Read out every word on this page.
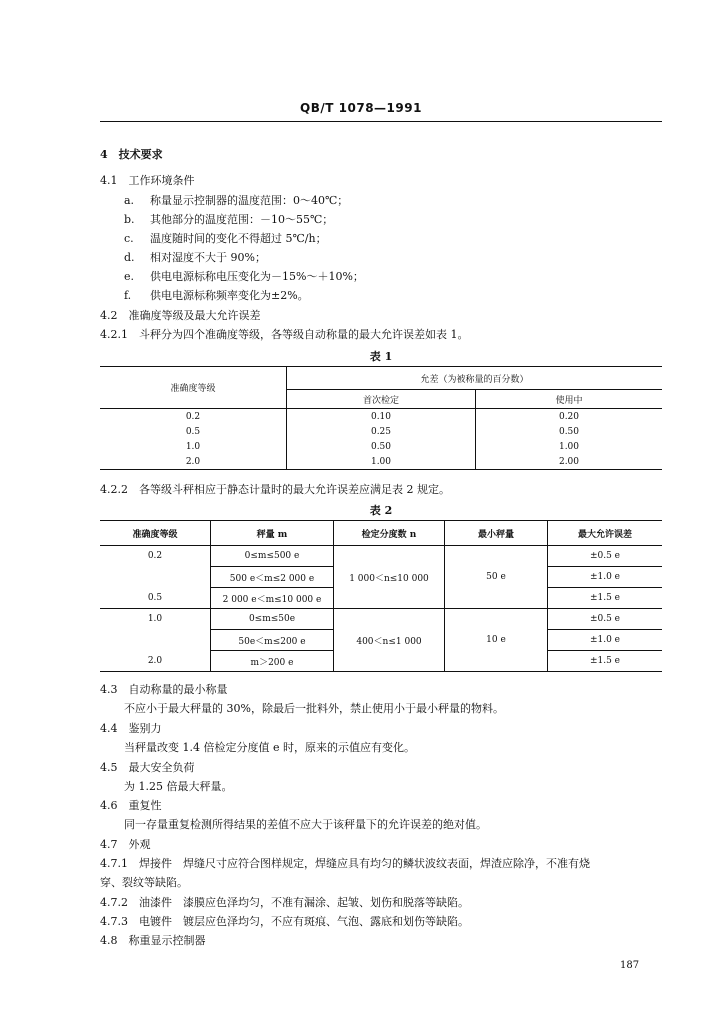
QB/T 1078—1991
4　技术要求
4.1　工作环境条件
a. 称量显示控制器的温度范围：0～40℃；
b. 其他部分的温度范围：－10～55℃；
c. 温度随时间的变化不得超过 5℃/h；
d. 相对湿度不大于 90%；
e. 供电电源标称电压变化为－15%～＋10%；
f. 供电电源标称频率变化为±2%。
4.2　准确度等级及最大允许误差
4.2.1　斗秤分为四个准确度等级，各等级自动称量的最大允许误差如表 1。
表 1
准确度等级	允差（为被称量的百分数）	
	首次检定	使用中
0.2	0.10	0.20
0.5	0.25	0.50
1.0	0.50	1.00
2.0	1.00	2.00
4.2.2　各等级斗秤相应于静态计量时的最大允许误差应满足表 2 规定。
表 2
准确度等级	秤量 m	检定分度数 n	最小秤量	最大允许误差
0.2	0≤m≤500 e	1 000＜n≤10 000	50 e	±0.5 e
	500 e＜m≤2 000 e			±1.0 e
0.5	2 000 e＜m≤10 000 e			±1.5 e
1.0	0≤m≤50e	400＜n≤1 000	10 e	±0.5 e
	50e＜m≤200 e			±1.0 e
2.0	m＞200 e			±1.5 e
4.3　自动称量的最小称量
不应小于最大秤量的 30%，除最后一批料外，禁止使用小于最小秤量的物料。
4.4　鉴别力
当秤量改变 1.4 倍检定分度值 e 时，原来的示值应有变化。
4.5　最大安全负荷
为 1.25 倍最大秤量。
4.6　重复性
同一存量重复检测所得结果的差值不应大于该秤量下的允许误差的绝对值。
4.7　外观
4.7.1　焊接件　焊缝尺寸应符合图样规定，焊缝应具有均匀的鳞状波纹表面，焊渣应除净，不准有烧
穿、裂纹等缺陷。
4.7.2　油漆件　漆膜应色泽均匀，不准有漏涂、起皱、划伤和脱落等缺陷。
4.7.3　电镀件　镀层应色泽均匀，不应有斑痕、气泡、露底和划伤等缺陷。
4.8　称重显示控制器
187
